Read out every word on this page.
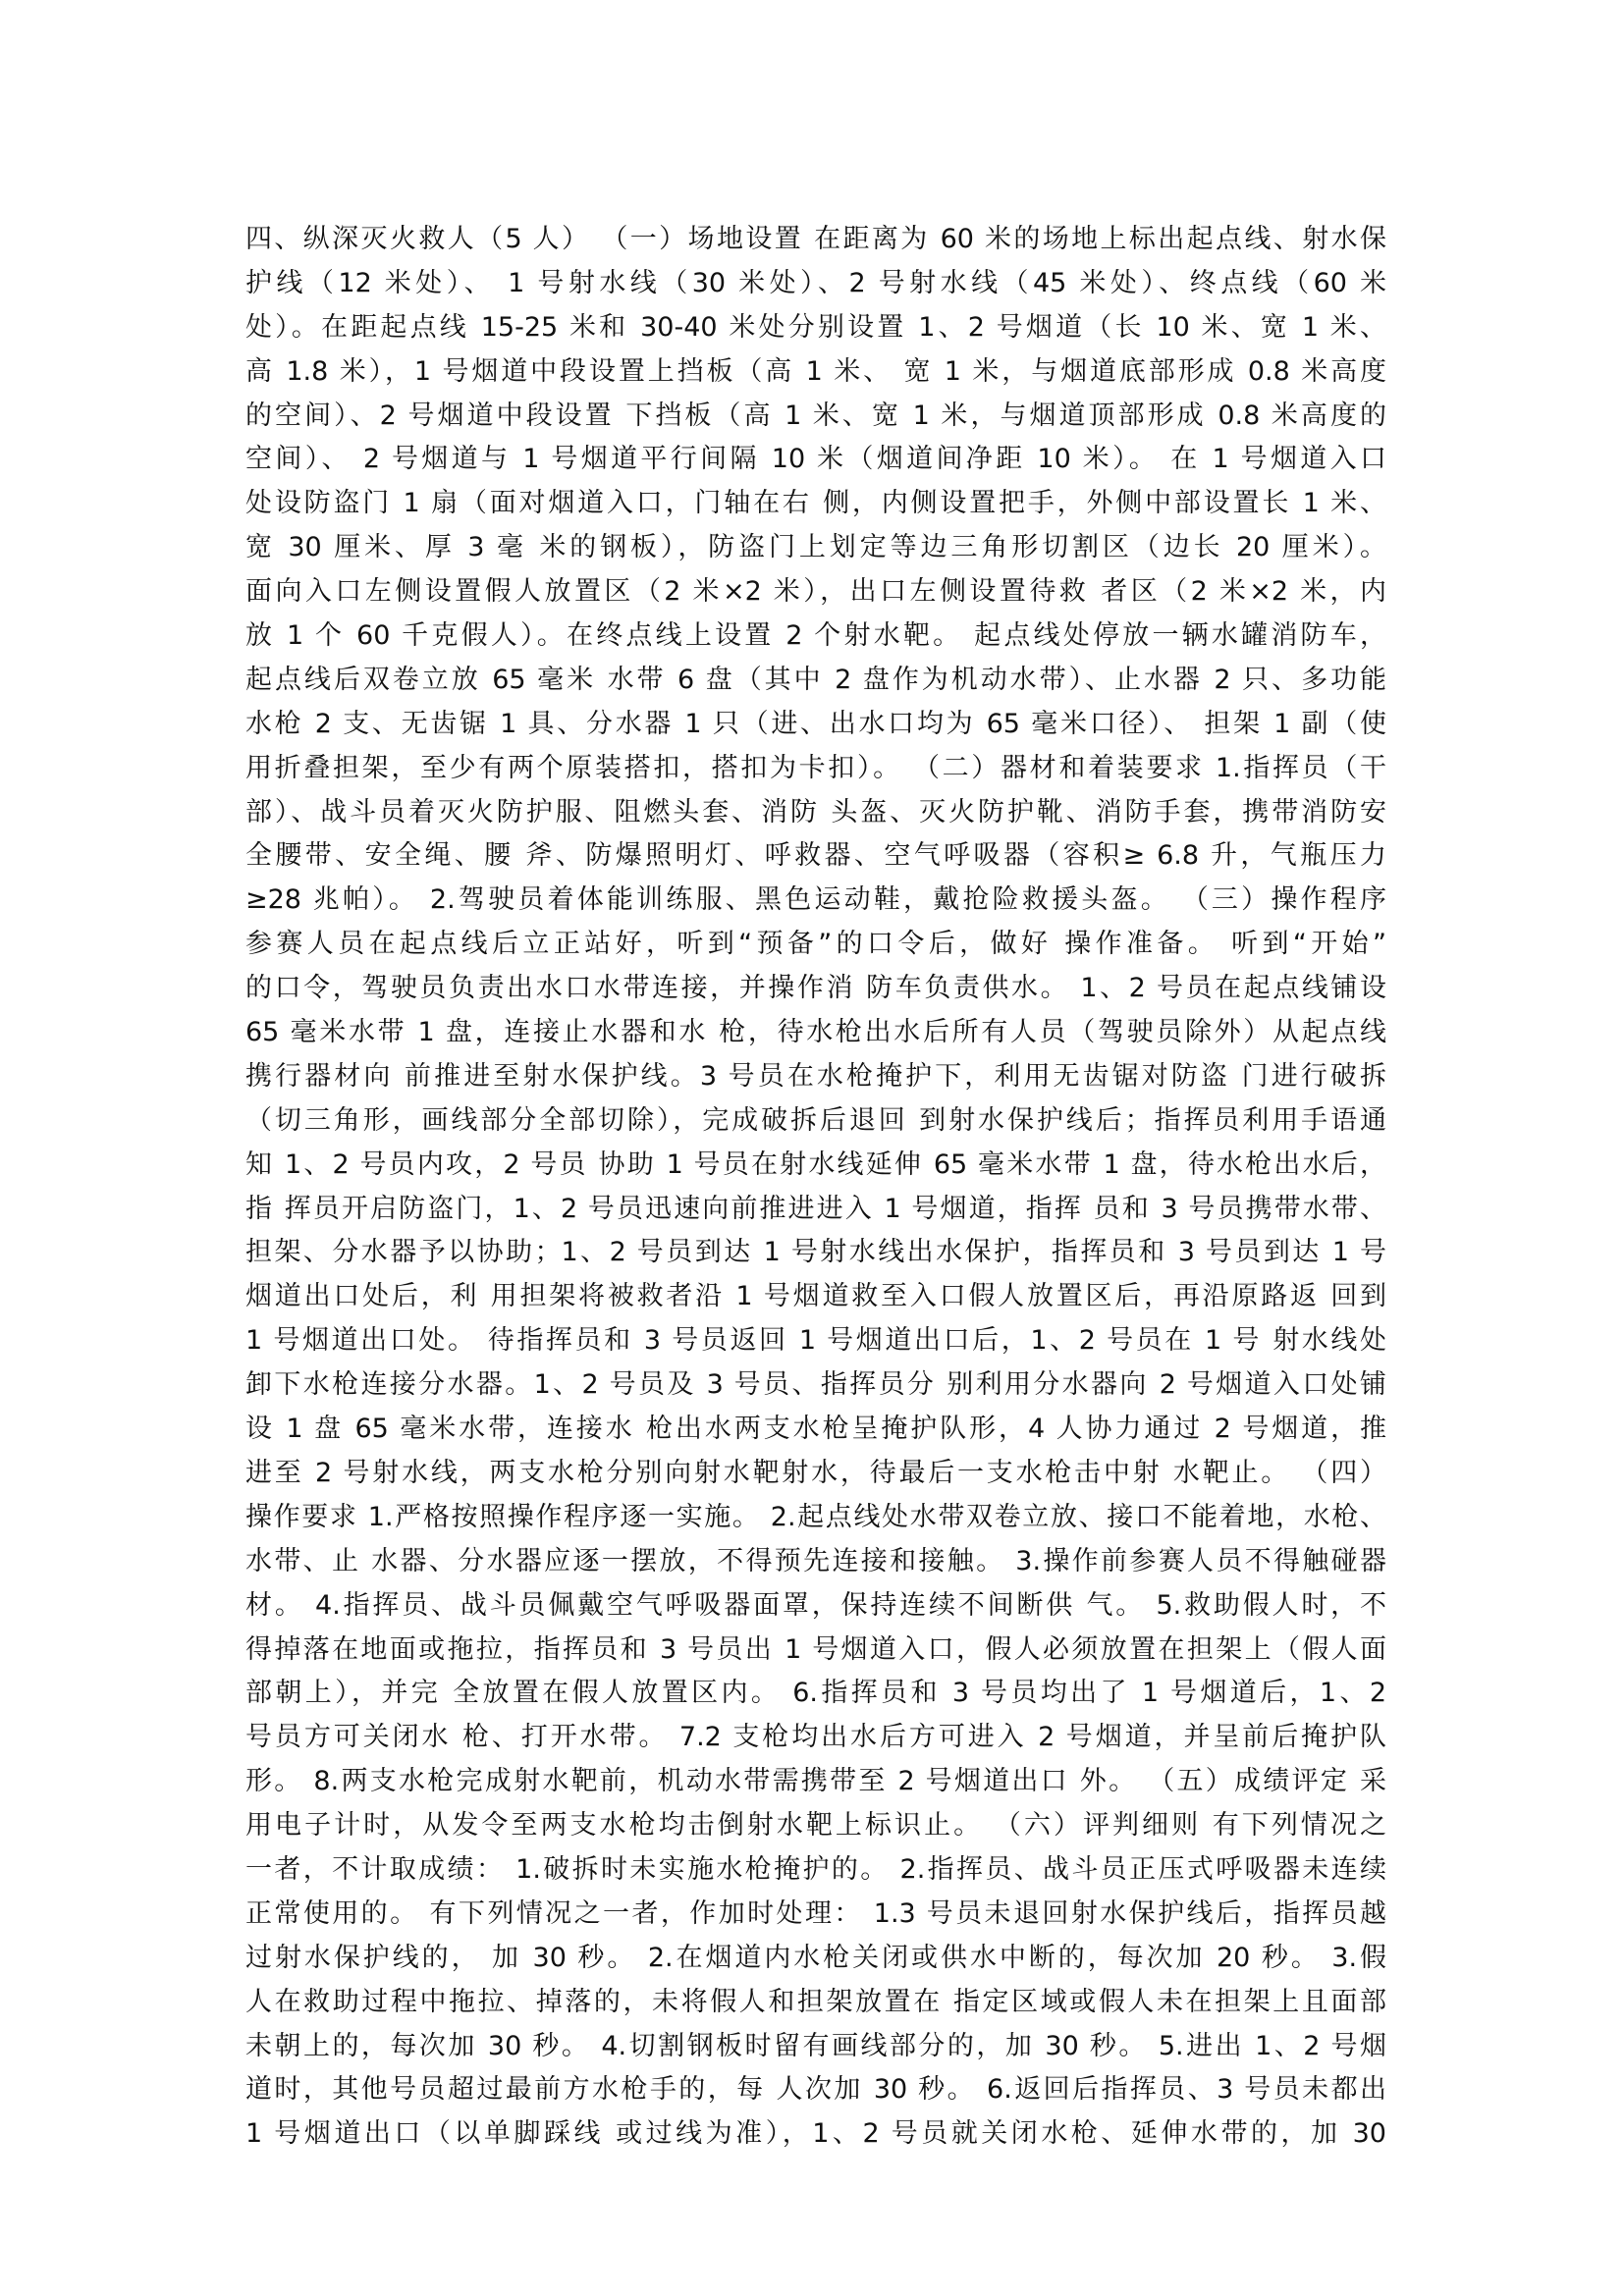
四、纵深灭火救人（5 人） （一）场地设置 在距离为 60 米的场地上标出起点线、射水保
护线（12 米处）、 1 号射水线（30 米处）、2 号射水线（45 米处）、终点线（60 米
处）。在距起点线 15-25 米和 30-40 米处分别设置 1、2 号烟道（长 10 米、宽 1 米、
高 1.8 米），1 号烟道中段设置上挡板（高 1 米、 宽 1 米，与烟道底部形成 0.8 米高度
的空间）、2 号烟道中段设置 下挡板（高 1 米、宽 1 米，与烟道顶部形成 0.8 米高度的
空间）、 2 号烟道与 1 号烟道平行间隔 10 米（烟道间净距 10 米）。 在 1 号烟道入口
处设防盗门 1 扇（面对烟道入口，门轴在右 侧，内侧设置把手，外侧中部设置长 1 米、
宽 30 厘米、厚 3 毫 米的钢板），防盗门上划定等边三角形切割区（边长 20 厘米）。
面向入口左侧设置假人放置区（2 米×2 米），出口左侧设置待救 者区（2 米×2 米，内
放 1 个 60 千克假人）。在终点线上设置 2 个射水靶。 起点线处停放一辆水罐消防车，
起点线后双卷立放 65 毫米 水带 6 盘（其中 2 盘作为机动水带）、止水器 2 只、多功能
水枪 2 支、无齿锯 1 具、分水器 1 只（进、出水口均为 65 毫米口径）、 担架 1 副（使
用折叠担架，至少有两个原装搭扣，搭扣为卡扣）。 （二）器材和着装要求 1.指挥员（干
部）、战斗员着灭火防护服、阻燃头套、消防 头盔、灭火防护靴、消防手套，携带消防安
全腰带、安全绳、腰 斧、防爆照明灯、呼救器、空气呼吸器（容积≥ 6.8 升，气瓶压力
≥28 兆帕）。 2.驾驶员着体能训练服、黑色运动鞋，戴抢险救援头盔。 （三）操作程序
参赛人员在起点线后立正站好，听到“预备”的口令后，做好 操作准备。 听到“开始”
的口令，驾驶员负责出水口水带连接，并操作消 防车负责供水。 1、2 号员在起点线铺设
65 毫米水带 1 盘，连接止水器和水 枪，待水枪出水后所有人员（驾驶员除外）从起点线
携行器材向 前推进至射水保护线。3 号员在水枪掩护下，利用无齿锯对防盗 门进行破拆
（切三角形，画线部分全部切除），完成破拆后退回 到射水保护线后；指挥员利用手语通
知 1、2 号员内攻，2 号员 协助 1 号员在射水线延伸 65 毫米水带 1 盘，待水枪出水后，
指 挥员开启防盗门，1、2 号员迅速向前推进进入 1 号烟道，指挥 员和 3 号员携带水带、
担架、分水器予以协助；1、2 号员到达 1 号射水线出水保护，指挥员和 3 号员到达 1 号
烟道出口处后，利 用担架将被救者沿 1 号烟道救至入口假人放置区后，再沿原路返 回到
1 号烟道出口处。 待指挥员和 3 号员返回 1 号烟道出口后，1、2 号员在 1 号 射水线处
卸下水枪连接分水器。1、2 号员及 3 号员、指挥员分 别利用分水器向 2 号烟道入口处铺
设 1 盘 65 毫米水带，连接水 枪出水两支水枪呈掩护队形，4 人协力通过 2 号烟道，推
进至 2 号射水线，两支水枪分别向射水靶射水，待最后一支水枪击中射 水靶止。 （四）
操作要求 1.严格按照操作程序逐一实施。 2.起点线处水带双卷立放、接口不能着地，水枪、
水带、止 水器、分水器应逐一摆放，不得预先连接和接触。 3.操作前参赛人员不得触碰器
材。 4.指挥员、战斗员佩戴空气呼吸器面罩，保持连续不间断供 气。 5.救助假人时，不
得掉落在地面或拖拉，指挥员和 3 号员出 1 号烟道入口，假人必须放置在担架上（假人面
部朝上），并完 全放置在假人放置区内。 6.指挥员和 3 号员均出了 1 号烟道后，1、2
号员方可关闭水 枪、打开水带。 7.2 支枪均出水后方可进入 2 号烟道，并呈前后掩护队
形。 8.两支水枪完成射水靶前，机动水带需携带至 2 号烟道出口 外。 （五）成绩评定 采
用电子计时，从发令至两支水枪均击倒射水靶上标识止。 （六）评判细则 有下列情况之
一者，不计取成绩： 1.破拆时未实施水枪掩护的。 2.指挥员、战斗员正压式呼吸器未连续
正常使用的。 有下列情况之一者，作加时处理： 1.3 号员未退回射水保护线后，指挥员越
过射水保护线的， 加 30 秒。 2.在烟道内水枪关闭或供水中断的，每次加 20 秒。 3.假
人在救助过程中拖拉、掉落的，未将假人和担架放置在 指定区域或假人未在担架上且面部
未朝上的，每次加 30 秒。 4.切割钢板时留有画线部分的，加 30 秒。 5.进出 1、2 号烟
道时，其他号员超过最前方水枪手的，每 人次加 30 秒。 6.返回后指挥员、3 号员未都出
1 号烟道出口（以单脚踩线 或过线为准），1、2 号员就关闭水枪、延伸水带的，加 30
